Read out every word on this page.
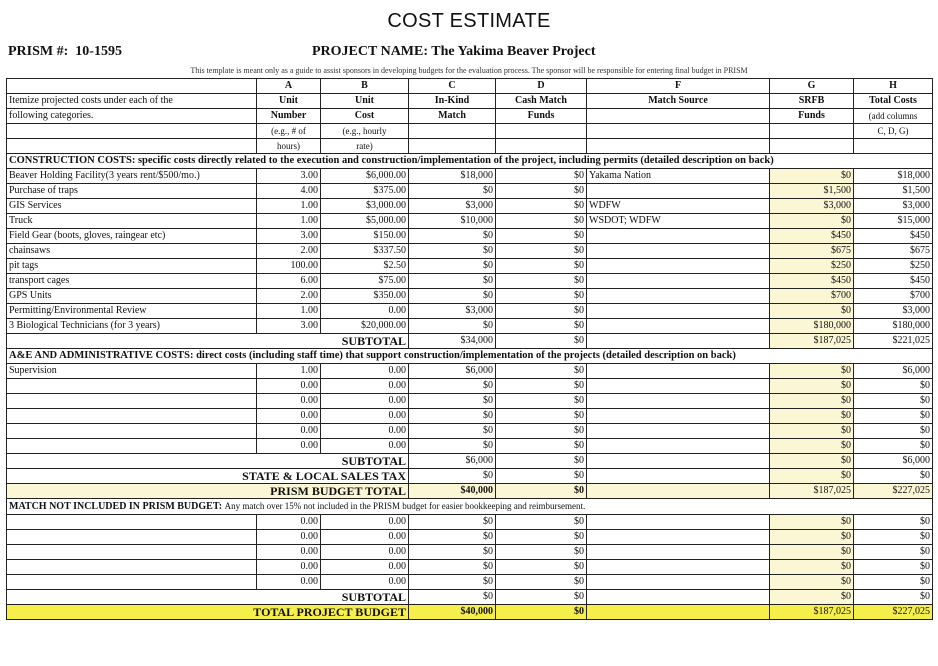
COST ESTIMATE
PRISM #: 10-1595	PROJECT NAME: The Yakima Beaver Project
This template is meant only as a guide to assist sponsors in developing budgets for the evaluation process. The sponsor will be responsible for entering final budget in PRISM
	A	B	C	D	F	G	H
Itemize projected costs under each of the	Unit	Unit	In-Kind	Cash Match	Match Source	SRFB	Total Costs
following categories.	Number	Cost	Match	Funds		Funds	(add columns
	(e.g., # of	(e.g., hourly					C, D, G)
	hours)	rate)					
CONSTRUCTION COSTS: specific costs directly related to the execution and construction/implementation of the project, including permits (detailed description on back)							
Beaver Holding Facility(3 years rent/$500/mo.)	3.00	$6,000.00	$18,000	$0	Yakama Nation	$0	$18,000
Purchase of traps	4.00	$375.00	$0	$0		$1,500	$1,500
GIS Services	1.00	$3,000.00	$3,000	$0	WDFW	$3,000	$3,000
Truck	1.00	$5,000.00	$10,000	$0	WSDOT; WDFW	$0	$15,000
Field Gear (boots, gloves, raingear etc)	3.00	$150.00	$0	$0		$450	$450
chainsaws	2.00	$337.50	$0	$0		$675	$675
pit tags	100.00	$2.50	$0	$0		$250	$250
transport cages	6.00	$75.00	$0	$0		$450	$450
GPS Units	2.00	$350.00	$0	$0		$700	$700
Permitting/Environmental Review	1.00	0.00	$3,000	$0		$0	$3,000
3 Biological Technicians (for 3 years)	3.00	$20,000.00	$0	$0		$180,000	$180,000
SUBTOTAL			$34,000	$0		$187,025	$221,025
A&E AND ADMINISTRATIVE COSTS: direct costs (including staff time) that support construction/implementation of the projects (detailed description on back)							
Supervision	1.00	0.00	$6,000	$0		$0	$6,000
	0.00	0.00	$0	$0		$0	$0
	0.00	0.00	$0	$0		$0	$0
	0.00	0.00	$0	$0		$0	$0
	0.00	0.00	$0	$0		$0	$0
	0.00	0.00	$0	$0		$0	$0
SUBTOTAL			$6,000	$0		$0	$6,000
STATE & LOCAL SALES TAX			$0	$0		$0	$0
PRISM BUDGET TOTAL			$40,000	$0		$187,025	$227,025
MATCH NOT INCLUDED IN PRISM BUDGET: Any match over 15% not included in the PRISM budget for easier bookkeeping and reimbursement.							
	0.00	0.00	$0	$0		$0	$0
	0.00	0.00	$0	$0		$0	$0
	0.00	0.00	$0	$0		$0	$0
	0.00	0.00	$0	$0		$0	$0
	0.00	0.00	$0	$0		$0	$0
SUBTOTAL			$0	$0		$0	$0
TOTAL PROJECT BUDGET			$40,000	$0		$187,025	$227,025
